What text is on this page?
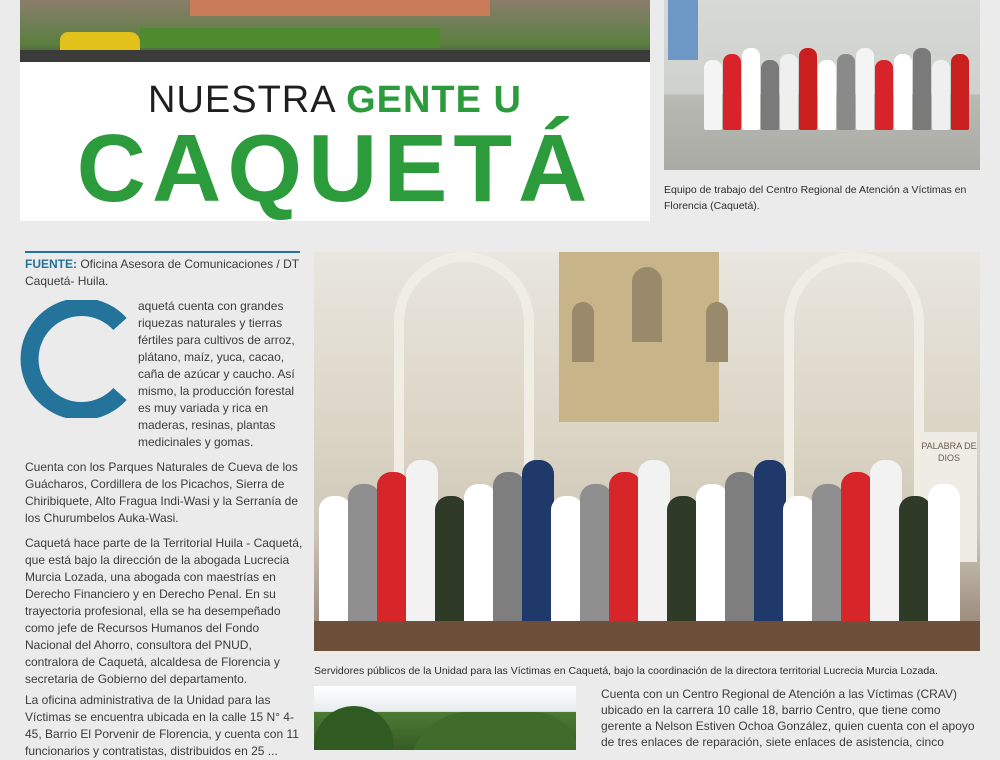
NUESTRA GENTE U
CAQUETÁ	Equipo de trabajo del Centro Regional de Atención a Víctimas en Florencia (Caquetá).
FUENTE: Oficina Asesora de Comunicaciones / DT Caquetá- Huila.
aquetá cuenta con grandes riquezas naturales y tierras fértiles para cultivos de arroz, plátano, maíz, yuca, cacao, caña de azúcar y caucho. Así mismo, la producción forestal es muy variada y rica en maderas, resinas, plantas medicinales y gomas.
Cuenta con los Parques Naturales de Cueva de los Guácharos, Cordillera de los Picachos, Sierra de Chiribiquete, Alto Fragua Indi-Wasi y la Serranía de los Churumbelos Auka-Wasi.
Caquetá hace parte de la Territorial Huila - Caquetá, que está bajo la dirección de la abogada Lucrecia Murcia Lozada, una abogada con maestrías en Derecho Financiero y en Derecho Penal. En su trayectoria profesional, ella se ha desempeñado como jefe de Recursos Humanos del Fondo Nacional del Ahorro, consultora del PNUD, contralora de Caquetá, alcaldesa de Florencia y secretaria de Gobierno del departamento.
La oficina administrativa de la Unidad para las Víctimas se encuentra ubicada en la calle 15 N° 4-45, Barrio El Porvenir de Florencia, y cuenta con 11 funcionarios y contratistas, distribuidos en 25 ...
PALABRA DE DIOS
Servidores públicos de la Unidad para las Víctimas en Caquetá, bajo la coordinación de la directora territorial Lucrecia Murcia Lozada.
Cuenta con un Centro Regional de Atención a las Víctimas (CRAV) ubicado en la carrera 10 calle 18, barrio Centro, que tiene como gerente a Nelson Estiven Ochoa González, quien cuenta con el apoyo de tres enlaces de reparación, siete enlaces de asistencia, cinco
